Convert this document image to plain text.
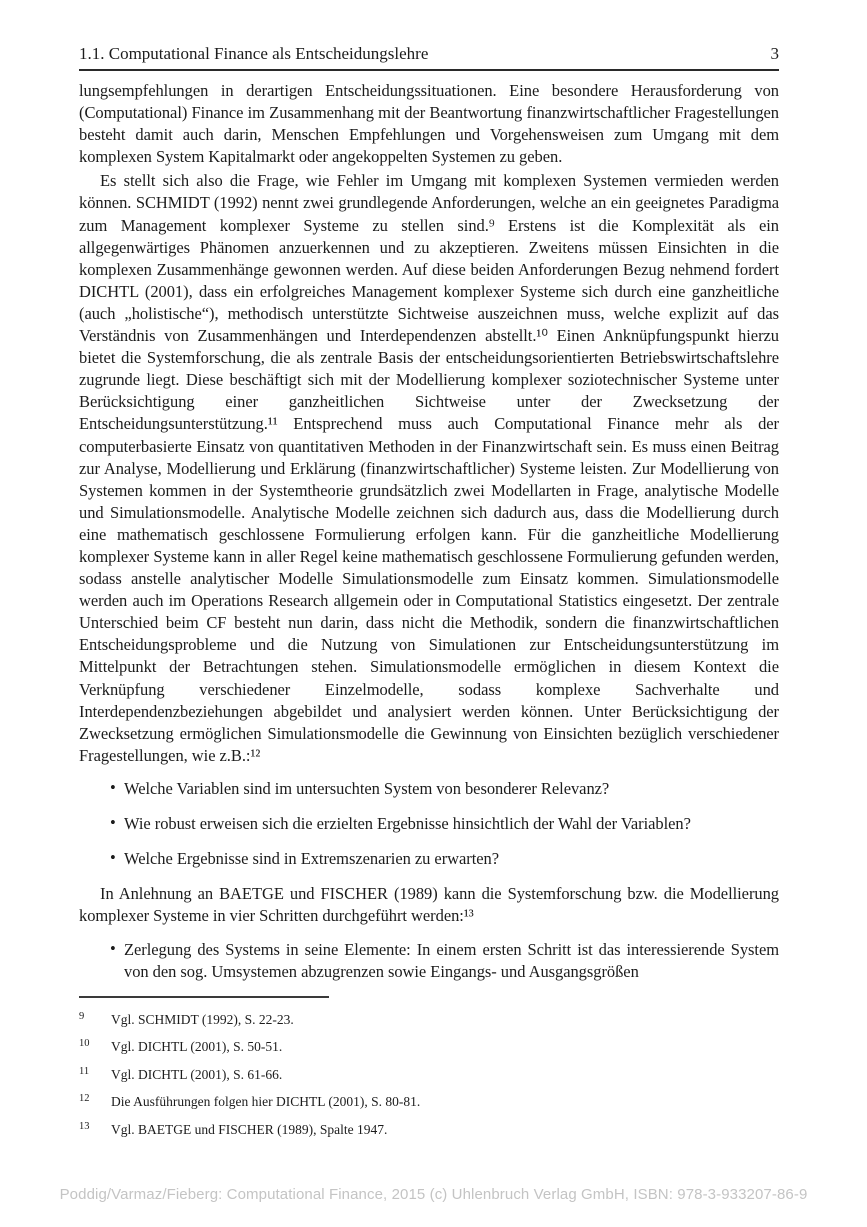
1.1. Computational Finance als Entscheidungslehre	3

lungsempfehlungen in derartigen Entscheidungssituationen. Eine besondere Herausforderung von (Computational) Finance im Zusammenhang mit der Beantwortung finanzwirtschaftlicher Fragestellungen besteht damit auch darin, Menschen Empfehlungen und Vorgehensweisen zum Umgang mit dem komplexen System Kapitalmarkt oder angekoppelten Systemen zu geben.

Es stellt sich also die Frage, wie Fehler im Umgang mit komplexen Systemen vermieden werden können. SCHMIDT (1992) nennt zwei grundlegende Anforderungen, welche an ein geeignetes Paradigma zum Management komplexer Systeme zu stellen sind.⁹ Erstens ist die Komplexität als ein allgegenwärtiges Phänomen anzuerkennen und zu akzeptieren. Zweitens müssen Einsichten in die komplexen Zusammenhänge gewonnen werden. Auf diese beiden Anforderungen Bezug nehmend fordert DICHTL (2001), dass ein erfolgreiches Management komplexer Systeme sich durch eine ganzheitliche (auch „holistische“), methodisch unterstützte Sichtweise auszeichnen muss, welche explizit auf das Verständnis von Zusammenhängen und Interdependenzen abstellt.¹⁰ Einen Anknüpfungspunkt hierzu bietet die Systemforschung, die als zentrale Basis der entscheidungsorientierten Betriebswirtschaftslehre zugrunde liegt. Diese beschäftigt sich mit der Modellierung komplexer soziotechnischer Systeme unter Berücksichtigung einer ganzheitlichen Sichtweise unter der Zwecksetzung der Entscheidungsunterstützung.¹¹ Entsprechend muss auch Computational Finance mehr als der computerbasierte Einsatz von quantitativen Methoden in der Finanzwirtschaft sein. Es muss einen Beitrag zur Analyse, Modellierung und Erklärung (finanzwirtschaftlicher) Systeme leisten. Zur Modellierung von Systemen kommen in der Systemtheorie grundsätzlich zwei Modellarten in Frage, analytische Modelle und Simulationsmodelle. Analytische Modelle zeichnen sich dadurch aus, dass die Modellierung durch eine mathematisch geschlossene Formulierung erfolgen kann. Für die ganzheitliche Modellierung komplexer Systeme kann in aller Regel keine mathematisch geschlossene Formulierung gefunden werden, sodass anstelle analytischer Modelle Simulationsmodelle zum Einsatz kommen. Simulationsmodelle werden auch im Operations Research allgemein oder in Computational Statistics eingesetzt. Der zentrale Unterschied beim CF besteht nun darin, dass nicht die Methodik, sondern die finanzwirtschaftlichen Entscheidungsprobleme und die Nutzung von Simulationen zur Entscheidungsunterstützung im Mittelpunkt der Betrachtungen stehen. Simulationsmodelle ermöglichen in diesem Kontext die Verknüpfung verschiedener Einzelmodelle, sodass komplexe Sachverhalte und Interdependenzbeziehungen abgebildet und analysiert werden können. Unter Berücksichtigung der Zwecksetzung ermöglichen Simulationsmodelle die Gewinnung von Einsichten bezüglich verschiedener Fragestellungen, wie z.B.:¹²

• Welche Variablen sind im untersuchten System von besonderer Relevanz?
• Wie robust erweisen sich die erzielten Ergebnisse hinsichtlich der Wahl der Variablen?
• Welche Ergebnisse sind in Extremszenarien zu erwarten?

In Anlehnung an BAETGE und FISCHER (1989) kann die Systemforschung bzw. die Modellierung komplexer Systeme in vier Schritten durchgeführt werden:¹³

• Zerlegung des Systems in seine Elemente: In einem ersten Schritt ist das interessierende System von den sog. Umsystemen abzugrenzen sowie Eingangs- und Ausgangsgrößen
9 Vgl. SCHMIDT (1992), S. 22-23.
10 Vgl. DICHTL (2001), S. 50-51.
11 Vgl. DICHTL (2001), S. 61-66.
12 Die Ausführungen folgen hier DICHTL (2001), S. 80-81.
13 Vgl. BAETGE und FISCHER (1989), Spalte 1947.
Poddig/Varmaz/Fieberg: Computational Finance, 2015 (c) Uhlenbruch Verlag GmbH, ISBN: 978-3-933207-86-9
